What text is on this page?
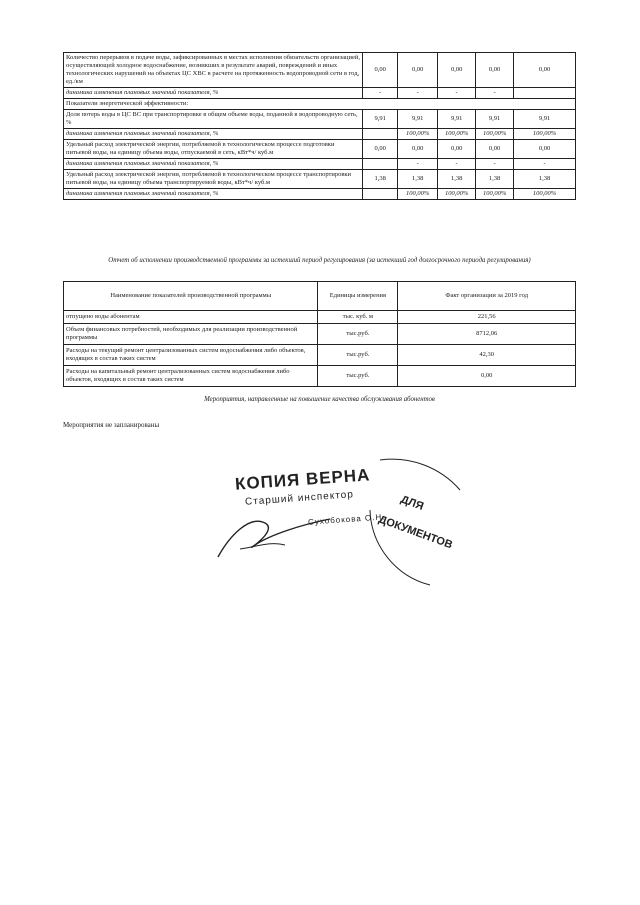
Количество перерывов в подаче воды, зафиксированных в местах исполнения обязательств организацией, осуществляющей холодное водоснабжение, возникших в результате аварий, повреждений и иных технологических нарушений на объектах ЦС ХВС в расчете на протяженность водопроводной сети в год, ед./км	0,00	0,00	0,00	0,00	0,00
динамика изменения плановых значений показателя, %	-	-	-	-	
Показатели энергетической эффективности:					
Доля потерь воды в ЦС ВС при транспортировке в общем объеме воды, поданной в водопроводную сеть, %	9,91	9,91	9,91	9,91	9,91
динамика изменения плановых значений показателя, %		100,00%	100,00%	100,00%	100,00%
Удельный расход электрической энергии, потребляемой в технологическом процессе подготовки питьевой воды, на единицу объема воды, отпускаемой в сеть, кВт*ч/ куб.м	0,00	0,00	0,00	0,00	0,00
динамика изменения плановых значений показателя, %		-	-	-	-
Удельный расход электрической энергии, потребляемой в технологическом процессе транспортировки питьевой воды, на единицу объема транспортируемой воды, кВт*ч/ куб.м	1,38	1,38	1,38	1,38	1,38
динамика изменения плановых значений показателя, %		100,00%	100,00%	100,00%	100,00%
Отчет об исполнении производственной программы за истекший период регулирования (за истекший год долгосрочного периода регулирования)
Наименование показателей производственной программы	Единицы измерения	Факт организации за 2019 год
отпущено воды абонентам	тыс. куб. м	221,56
Объем финансовых потребностей, необходимых для реализации производственной программы	тыс.руб.	8712,06
Расходы на текущий ремонт централизованных систем водоснабжения либо объектов, входящих в состав таких систем	тыс.руб.	42,30
Расходы на капитальный ремонт централизованных систем водоснабжения либо объектов, входящих в состав таких систем	тыс.руб.	0,00
Мероприятия, направленные на повышение качества обслуживания абонентов
Мероприятия не запланированы
КОПИЯ ВЕРНА
Старший инспектор
Сухобокова О.Н.
ДЛЯ
ДОКУМЕНТОВ
